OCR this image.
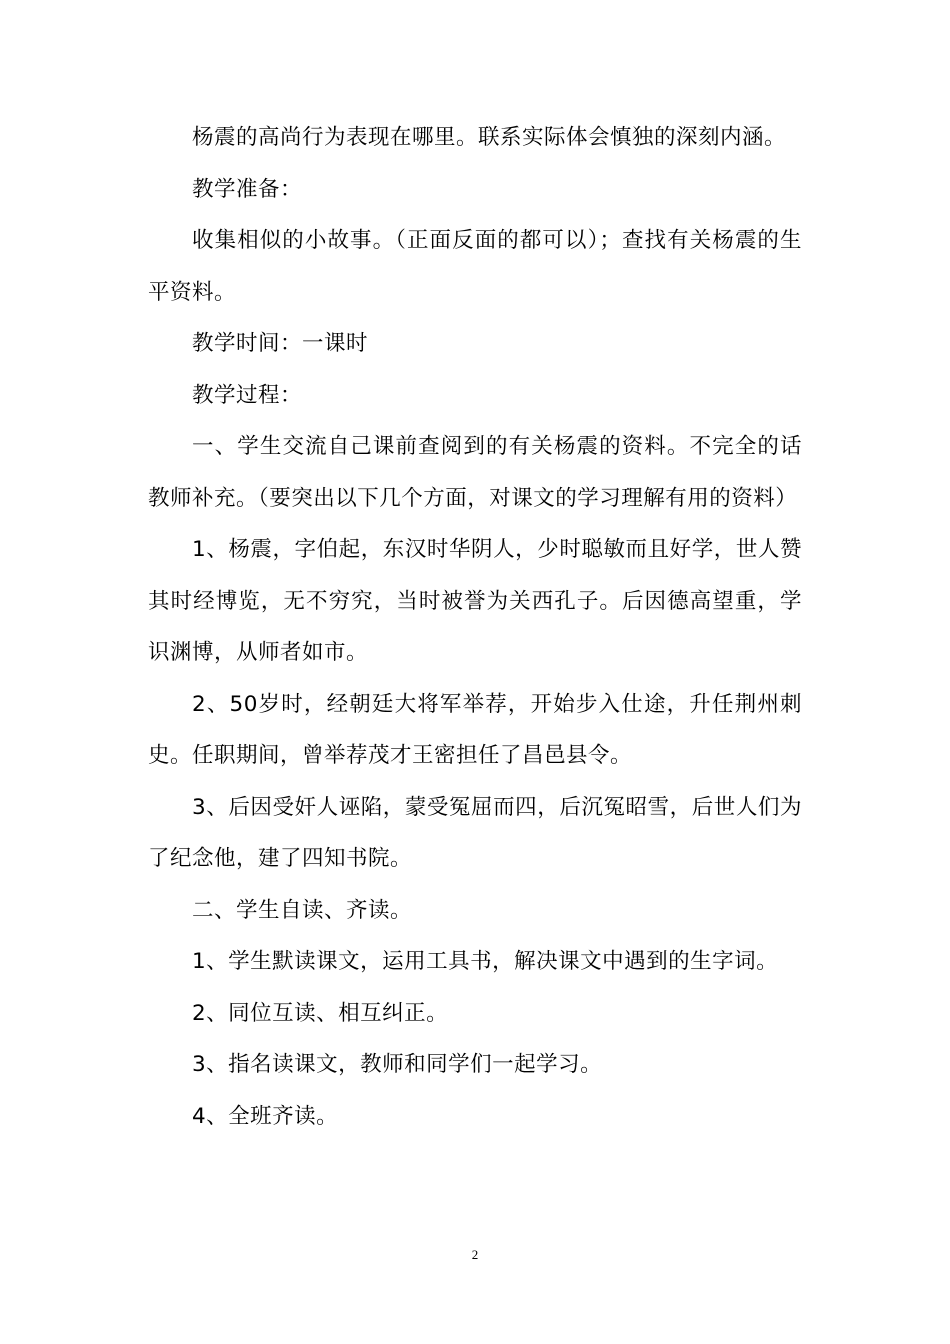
杨震的高尚行为表现在哪里。联系实际体会慎独的深刻内涵。

教学准备：

收集相似的小故事。（正面反面的都可以）；查找有关杨震的生平资料。

教学时间：一课时

教学过程：

一、学生交流自己课前查阅到的有关杨震的资料。不完全的话教师补充。（要突出以下几个方面，对课文的学习理解有用的资料）

1、杨震，字伯起，东汉时华阴人，少时聪敏而且好学，世人赞其时经博览，无不穷究，当时被誉为关西孔子。后因德高望重，学识渊博，从师者如市。

2、50岁时，经朝廷大将军举荐，开始步入仕途，升任荆州刺史。任职期间，曾举荐茂才王密担任了昌邑县令。

3、后因受奸人诬陷，蒙受冤屈而四，后沉冤昭雪，后世人们为了纪念他，建了四知书院。

二、学生自读、齐读。

1、学生默读课文，运用工具书，解决课文中遇到的生字词。

2、同位互读、相互纠正。

3、指名读课文，教师和同学们一起学习。

4、全班齐读。

2
